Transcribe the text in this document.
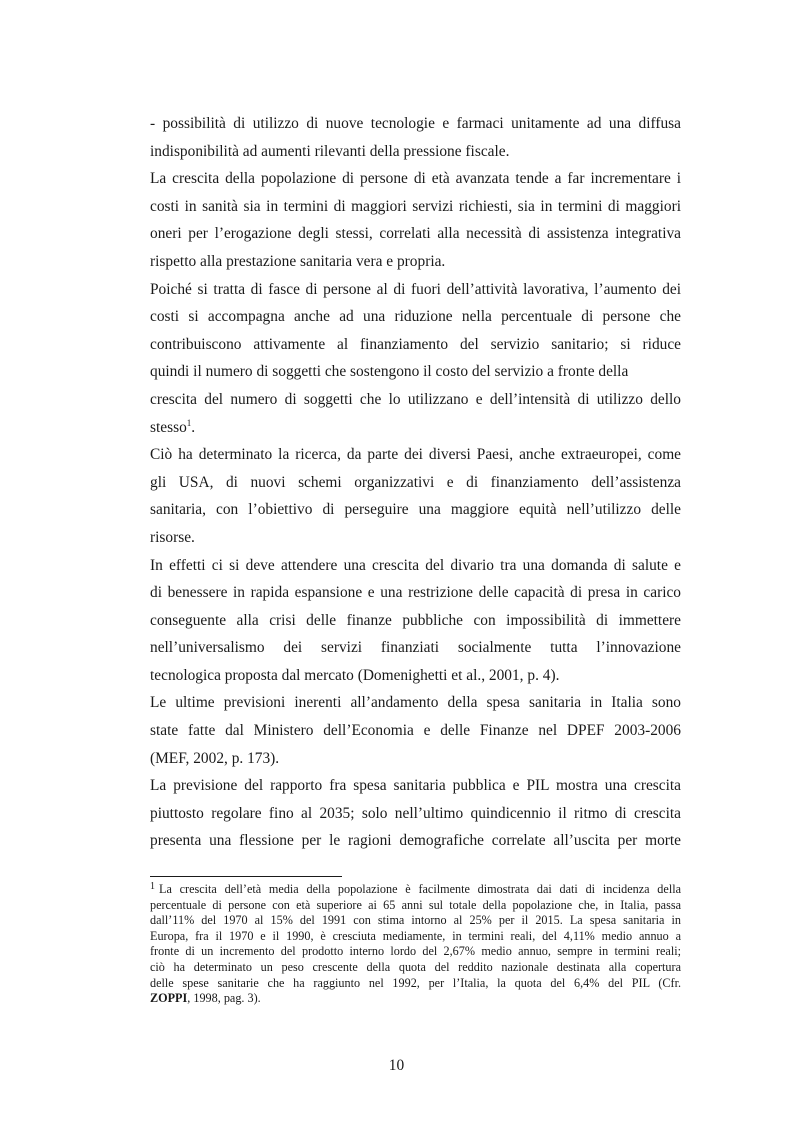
- possibilità di utilizzo di nuove tecnologie e farmaci unitamente ad una diffusa
indisponibilità ad aumenti rilevanti della pressione fiscale.
La crescita della popolazione di persone di età avanzata tende a far incrementare i
costi in sanità sia in termini di maggiori servizi richiesti, sia in termini di maggiori
oneri per l’erogazione degli stessi, correlati alla necessità di assistenza integrativa
rispetto alla prestazione sanitaria vera e propria.
Poiché si tratta di fasce di persone al di fuori dell’attività lavorativa, l’aumento dei
costi si accompagna anche ad una riduzione nella percentuale di persone che
contribuiscono attivamente al finanziamento del servizio sanitario; si riduce
quindi il numero di soggetti che sostengono il costo del servizio a fronte della
crescita del numero di soggetti che lo utilizzano e dell’intensità di utilizzo dello
stesso$^1$.
Ciò ha determinato la ricerca, da parte dei diversi Paesi, anche extraeuropei, come
gli USA, di nuovi schemi organizzativi e di finanziamento dell’assistenza
sanitaria, con l’obiettivo di perseguire una maggiore equità nell’utilizzo delle
risorse.
In effetti ci si deve attendere una crescita del divario tra una domanda di salute e
di benessere in rapida espansione e una restrizione delle capacità di presa in carico
conseguente alla crisi delle finanze pubbliche con impossibilità di immettere
nell’universalismo dei servizi finanziati socialmente tutta l’innovazione
tecnologica proposta dal mercato (Domenighetti et al., 2001, p. 4).
Le ultime previsioni inerenti all’andamento della spesa sanitaria in Italia sono
state fatte dal Ministero dell’Economia e delle Finanze nel DPEF 2003-2006
(MEF, 2002, p. 173).
La previsione del rapporto fra spesa sanitaria pubblica e PIL mostra una crescita
piuttosto regolare fino al 2035; solo nell’ultimo quindicennio il ritmo di crescita
presenta una flessione per le ragioni demografiche correlate all’uscita per morte
$^1$ La crescita dell’età media della popolazione è facilmente dimostrata dai dati di incidenza della
percentuale di persone con età superiore ai 65 anni sul totale della popolazione che, in Italia, passa
dall’11% del 1970 al 15% del 1991 con stima intorno al 25% per il 2015. La spesa sanitaria in
Europa, fra il 1970 e il 1990, è cresciuta mediamente, in termini reali, del 4,11% medio annuo a
fronte di un incremento del prodotto interno lordo del 2,67% medio annuo, sempre in termini reali;
ciò ha determinato un peso crescente della quota del reddito nazionale destinata alla copertura
delle spese sanitarie che ha raggiunto nel 1992, per l’Italia, la quota del 6,4% del PIL (Cfr.
ZOPPI, 1998, pag. 3).
10
